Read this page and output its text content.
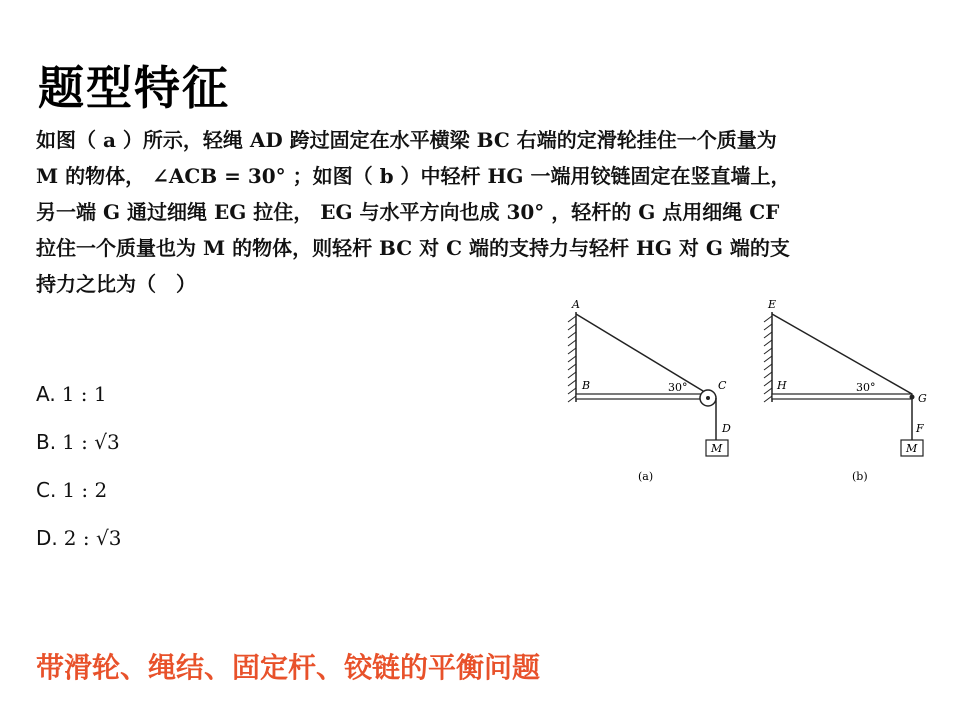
题型特征
如图（ a ）所示，轻绳 AD 跨过固定在水平横梁 BC 右端的定滑轮挂住一个质量为
M 的物体， ∠ACB = 30° ；如图（ b ）中轻杆 HG 一端用铰链固定在竖直墙上，
另一端 G 通过细绳 EG 拉住， EG 与水平方向也成 30° ，轻杆的 G 点用细绳 CF
拉住一个质量也为 M 的物体，则轻杆 BC 对 C 端的支持力与轻杆 HG 对 G 端的支
持力之比为（　）
A. 1 : 1
B. 1 : √3
C. 1 : 2
D. 2 : √3
A
B	C
D
M
30°
(a)
E
H
G
F
M
30°
(b)
带滑轮、绳结、固定杆、铰链的平衡问题
